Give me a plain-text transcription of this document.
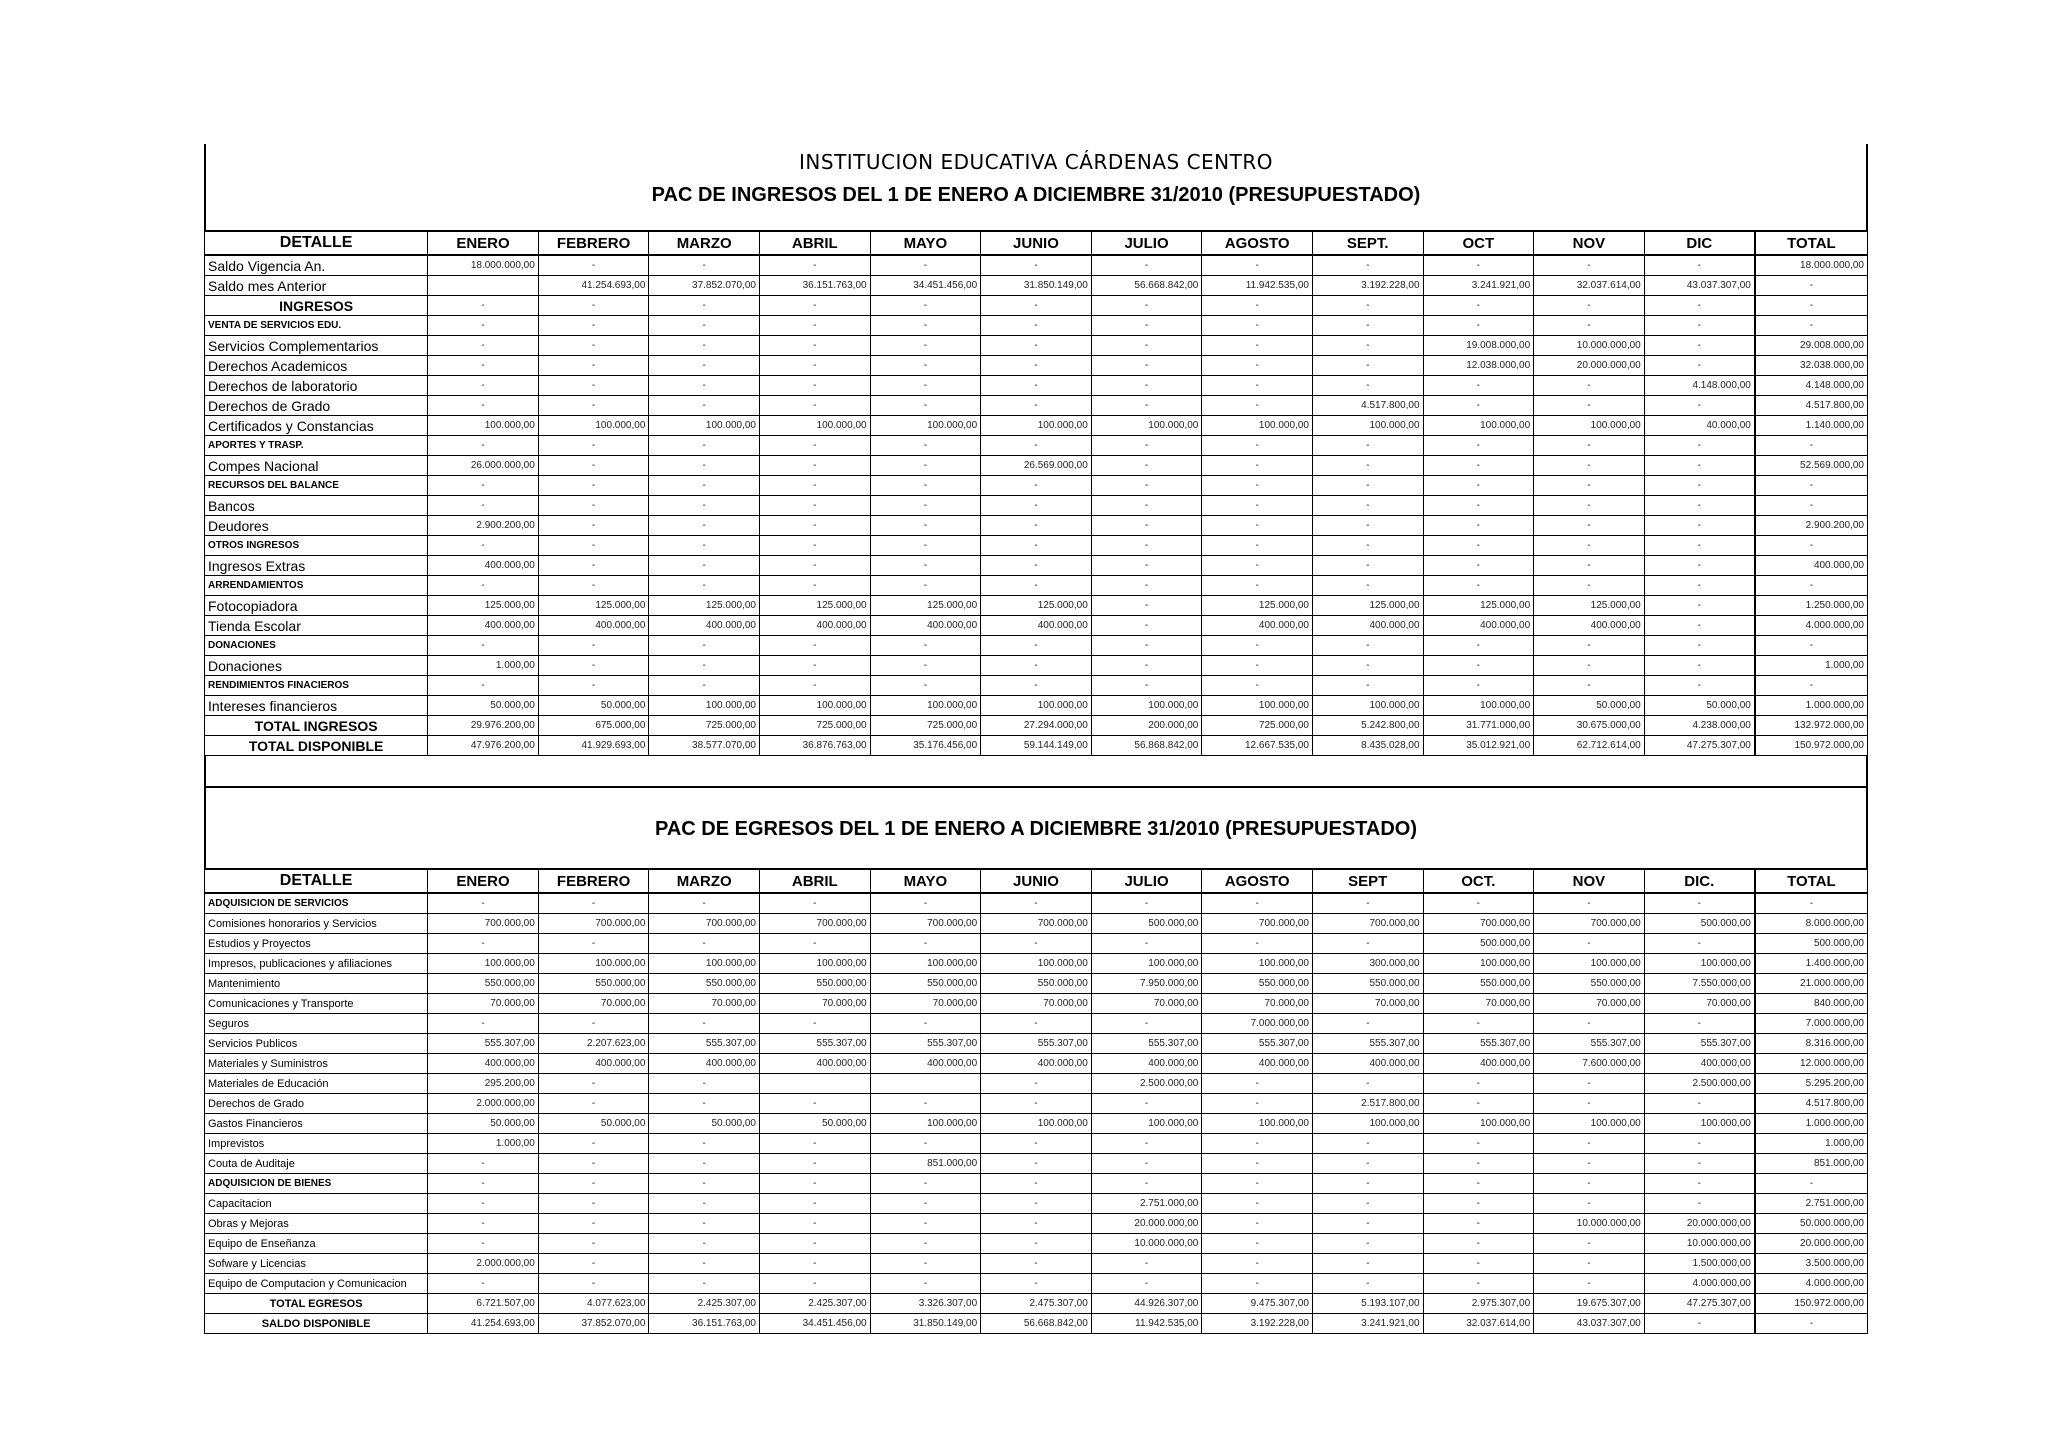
INSTITUCION EDUCATIVA CÁRDENAS CENTRO
PAC DE INGRESOS DEL 1 DE ENERO A DICIEMBRE 31/2010 (PRESUPUESTADO)
DETALLE	ENERO	FEBRERO	MARZO	ABRIL	MAYO	JUNIO	JULIO	AGOSTO	SEPT.	OCT	NOV	DIC	TOTAL
Saldo Vigencia An.	18.000.000,00	-	-	-	-	-	-	-	-	-	-	-	18.000.000,00
Saldo mes Anterior		41.254.693,00	37.852.070,00	36.151.763,00	34.451.456,00	31.850.149,00	56.668.842,00	11.942.535,00	3.192.228,00	3.241.921,00	32.037.614,00	43.037.307,00	-
INGRESOS	-	-	-	-	-	-	-	-	-	-	-	-	-
VENTA DE SERVICIOS EDU.	-	-	-	-	-	-	-	-	-	-	-	-	-
Servicios Complementarios	-	-	-	-	-	-	-	-	-	19.008.000,00	10.000.000,00	-	29.008.000,00
Derechos Academicos	-	-	-	-	-	-	-	-	-	12.038.000,00	20.000.000,00	-	32.038.000,00
Derechos de laboratorio	-	-	-	-	-	-	-	-	-	-	-	4.148.000,00	4.148.000,00
Derechos de Grado	-	-	-	-	-	-	-	-	4.517.800,00	-	-	-	4.517.800,00
Certificados y Constancias	100.000,00	100.000,00	100.000,00	100.000,00	100.000,00	100.000,00	100.000,00	100.000,00	100.000,00	100.000,00	100.000,00	40.000,00	1.140.000,00
APORTES Y TRASP.	-	-	-	-	-	-	-	-	-	-	-	-	-
Compes Nacional	26.000.000,00	-	-	-	-	26.569.000,00	-	-	-	-	-	-	52.569.000,00
RECURSOS DEL BALANCE	-	-	-	-	-	-	-	-	-	-	-	-	-
Bancos	-	-	-	-	-	-	-	-	-	-	-	-	-
Deudores	2.900.200,00	-	-	-	-	-	-	-	-	-	-	-	2.900.200,00
OTROS INGRESOS	-	-	-	-	-	-	-	-	-	-	-	-	-
Ingresos Extras	400.000,00	-	-	-	-	-	-	-	-	-	-	-	400.000,00
ARRENDAMIENTOS	-	-	-	-	-	-	-	-	-	-	-	-	-
Fotocopiadora	125.000,00	125.000,00	125.000,00	125.000,00	125.000,00	125.000,00	-	125.000,00	125.000,00	125.000,00	125.000,00	-	1.250.000,00
Tienda Escolar	400.000,00	400.000,00	400.000,00	400.000,00	400.000,00	400.000,00	-	400.000,00	400.000,00	400.000,00	400.000,00	-	4.000.000,00
DONACIONES	-	-	-	-	-	-	-	-	-	-	-	-	-
Donaciones	1.000,00	-	-	-	-	-	-	-	-	-	-	-	1.000,00
RENDIMIENTOS FINACIEROS	-	-	-	-	-	-	-	-	-	-	-	-	-
Intereses financieros	50.000,00	50.000,00	100.000,00	100.000,00	100.000,00	100.000,00	100.000,00	100.000,00	100.000,00	100.000,00	50.000,00	50.000,00	1.000.000,00
TOTAL INGRESOS	29.976.200,00	675.000,00	725.000,00	725.000,00	725.000,00	27.294.000,00	200.000,00	725.000,00	5.242.800,00	31.771.000,00	30.675.000,00	4.238.000,00	132.972.000,00
TOTAL DISPONIBLE	47.976.200,00	41.929.693,00	38.577.070,00	36.876.763,00	35.176.456,00	59.144.149,00	56.868.842,00	12.667.535,00	8.435.028,00	35.012.921,00	62.712.614,00	47.275.307,00	150.972.000,00
PAC DE EGRESOS DEL 1 DE ENERO A DICIEMBRE 31/2010 (PRESUPUESTADO)
DETALLE	ENERO	FEBRERO	MARZO	ABRIL	MAYO	JUNIO	JULIO	AGOSTO	SEPT	OCT.	NOV	DIC.	TOTAL
ADQUISICION DE SERVICIOS	-	-	-	-	-	-	-	-	-	-	-	-	-
Comisiones honorarios y Servicios	700.000,00	700.000,00	700.000,00	700.000,00	700.000,00	700.000,00	500.000,00	700.000,00	700.000,00	700.000,00	700.000,00	500.000,00	8.000.000,00
Estudios y Proyectos	-	-	-	-	-	-	-	-	-	500.000,00	-	-	500.000,00
Impresos, publicaciones y afiliaciones	100.000,00	100.000,00	100.000,00	100.000,00	100.000,00	100.000,00	100.000,00	100.000,00	300.000,00	100.000,00	100.000,00	100.000,00	1.400.000,00
Mantenimiento	550.000,00	550.000,00	550.000,00	550.000,00	550.000,00	550.000,00	7.950.000,00	550.000,00	550.000,00	550.000,00	550.000,00	7.550.000,00	21.000.000,00
Comunicaciones y Transporte	70.000,00	70.000,00	70.000,00	70.000,00	70.000,00	70.000,00	70.000,00	70.000,00	70.000,00	70.000,00	70.000,00	70.000,00	840.000,00
Seguros	-	-	-	-	-	-	-	7.000.000,00	-	-	-	-	7.000.000,00
Servicios Publicos	555.307,00	2.207.623,00	555.307,00	555.307,00	555.307,00	555.307,00	555.307,00	555.307,00	555.307,00	555.307,00	555.307,00	555.307,00	8.316.000,00
Materiales y Suministros	400.000,00	400.000,00	400.000,00	400.000,00	400.000,00	400.000,00	400.000,00	400.000,00	400.000,00	400.000,00	7.600.000,00	400.000,00	12.000.000,00
Materiales de Educación	295.200,00	-	-			-	2.500.000,00	-	-	-	-	2.500.000,00	5.295.200,00
Derechos de Grado	2.000.000,00	-	-	-	-	-	-	-	2.517.800,00	-	-	-	4.517.800,00
Gastos Financieros	50.000,00	50.000,00	50.000,00	50.000,00	100.000,00	100.000,00	100.000,00	100.000,00	100.000,00	100.000,00	100.000,00	100.000,00	1.000.000,00
Imprevistos	1.000,00	-	-	-	-	-	-	-	-	-	-	-	1.000,00
Couta de Auditaje	-	-	-	-	851.000,00	-	-	-	-	-	-	-	851.000,00
ADQUISICION DE BIENES	-	-	-	-	-	-	-	-	-	-	-	-	-
Capacitacion	-	-	-	-	-	-	2.751.000,00	-	-	-	-	-	2.751.000,00
Obras y Mejoras	-	-	-	-	-	-	20.000.000,00	-	-	-	10.000.000,00	20.000.000,00	50.000.000,00
Equipo de Enseñanza	-	-	-	-	-	-	10.000.000,00	-	-	-	-	10.000.000,00	20.000.000,00
Sofware y Licencias	2.000.000,00	-	-	-	-	-	-	-	-	-	-	1.500.000,00	3.500.000,00
Equipo de Computacion y Comunicacion	-	-	-	-	-	-	-	-	-	-	-	4.000.000,00	4.000.000,00
TOTAL EGRESOS	6.721.507,00	4.077.623,00	2.425.307,00	2.425.307,00	3.326.307,00	2.475.307,00	44.926.307,00	9.475.307,00	5.193.107,00	2.975.307,00	19.675.307,00	47.275.307,00	150.972.000,00
SALDO DISPONIBLE	41.254.693,00	37.852.070,00	36.151.763,00	34.451.456,00	31.850.149,00	56.668.842,00	11.942.535,00	3.192.228,00	3.241.921,00	32.037.614,00	43.037.307,00	-	-
